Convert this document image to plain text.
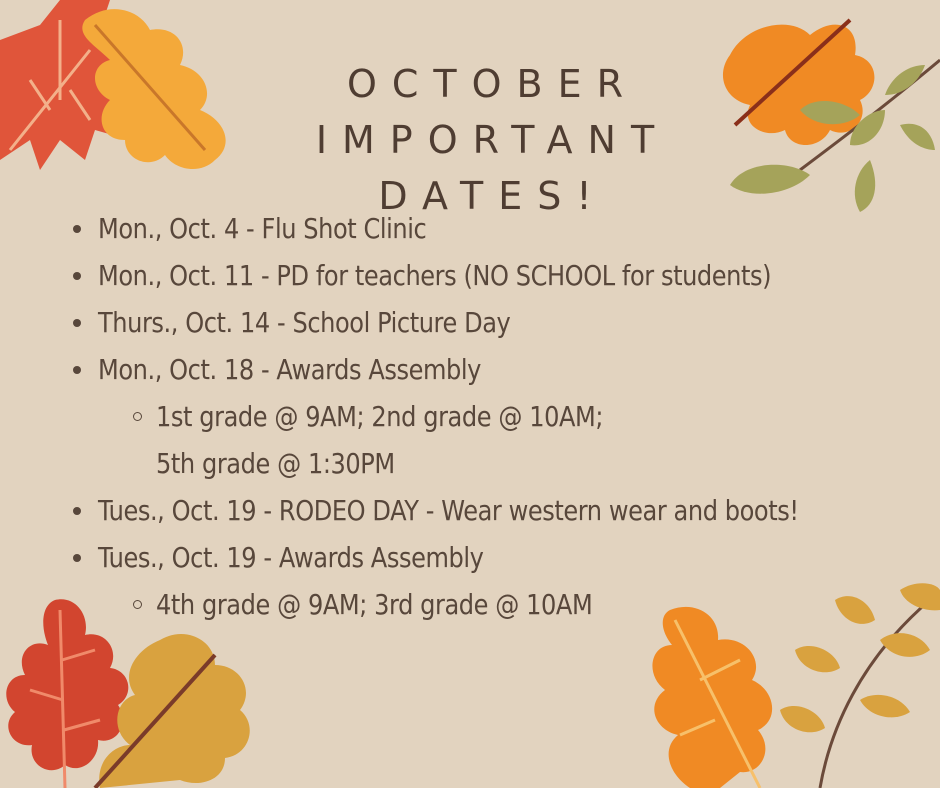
OCTOBER
IMPORTANT
DATES!
Mon., Oct. 4 - Flu Shot Clinic
Mon., Oct. 11 - PD for teachers (NO SCHOOL for students)
Thurs., Oct. 14 - School Picture Day
Mon., Oct. 18 - Awards Assembly
1st grade @ 9AM; 2nd grade @ 10AM;
5th grade @ 1:30PM
Tues., Oct. 19 - RODEO DAY - Wear western wear and boots!
Tues., Oct. 19 - Awards Assembly
4th grade @ 9AM; 3rd grade @ 10AM
